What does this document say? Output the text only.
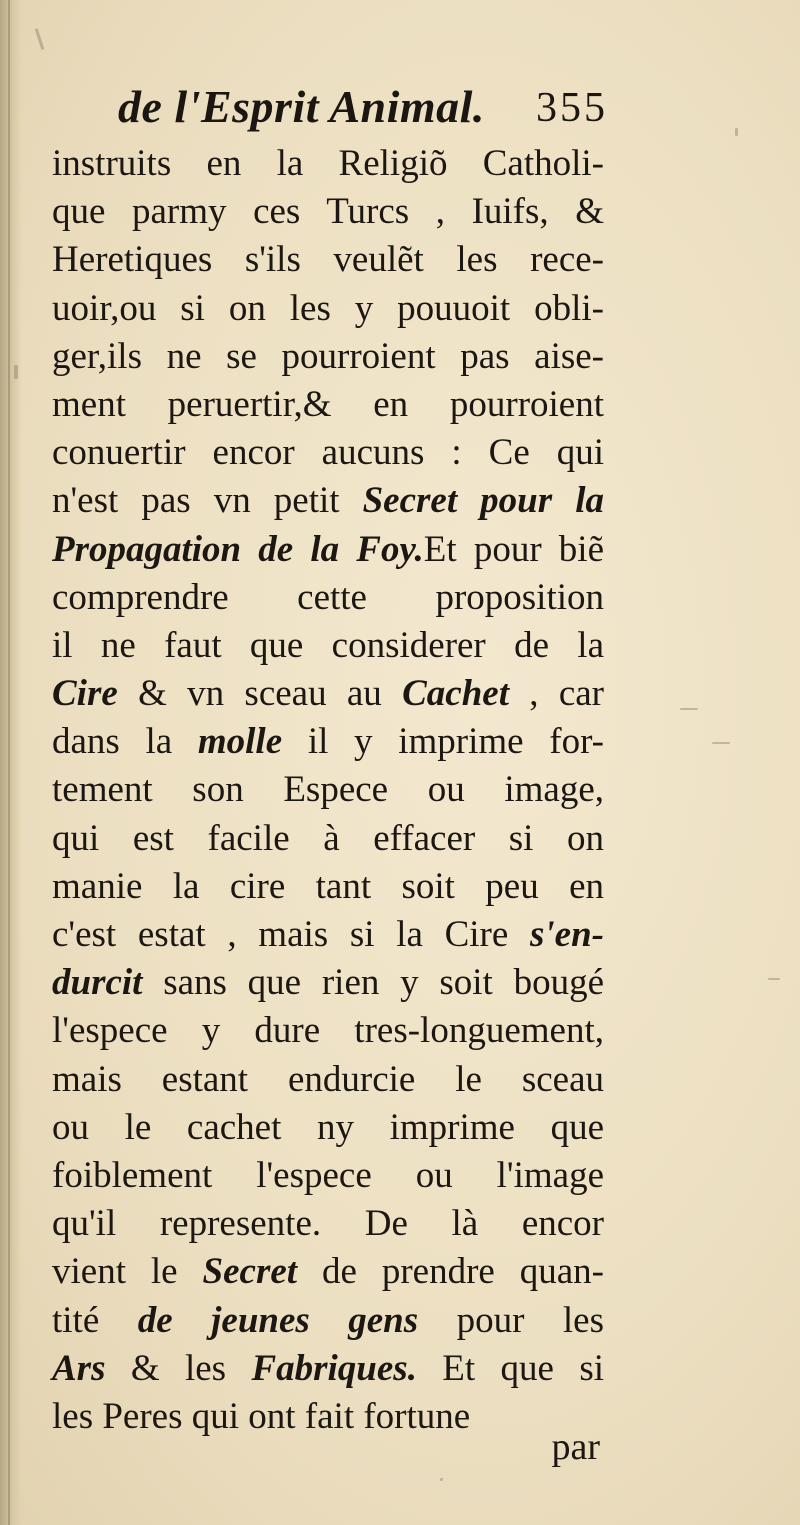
de l'Esprit Animal. 355
instruits en la Religiõ Catholi-
que parmy ces Turcs , Iuifs, &
Heretiques s'ils veulẽt les rece-
uoir,ou si on les y pouuoit obli-
ger,ils ne se pourroient pas aise-
ment peruertir,& en pourroient
conuertir encor aucuns : Ce qui
n'est pas vn petit Secret pour la
Propagation de la Foy.Et pour biẽ
comprendre cette proposition
il ne faut que considerer de la
Cire & vn sceau au Cachet , car
dans la molle il y imprime for-
tement son Espece ou image,
qui est facile à effacer si on
manie la cire tant soit peu en
c'est estat , mais si la Cire s'en-
durcit sans que rien y soit bougé
l'espece y dure tres-longuement,
mais estant endurcie le sceau
ou le cachet ny imprime que
foiblement l'espece ou l'image
qu'il represente. De là encor
vient le Secret de prendre quan-
tité de jeunes gens pour les
Ars & les Fabriques. Et que si
les Peres qui ont fait fortune
par
